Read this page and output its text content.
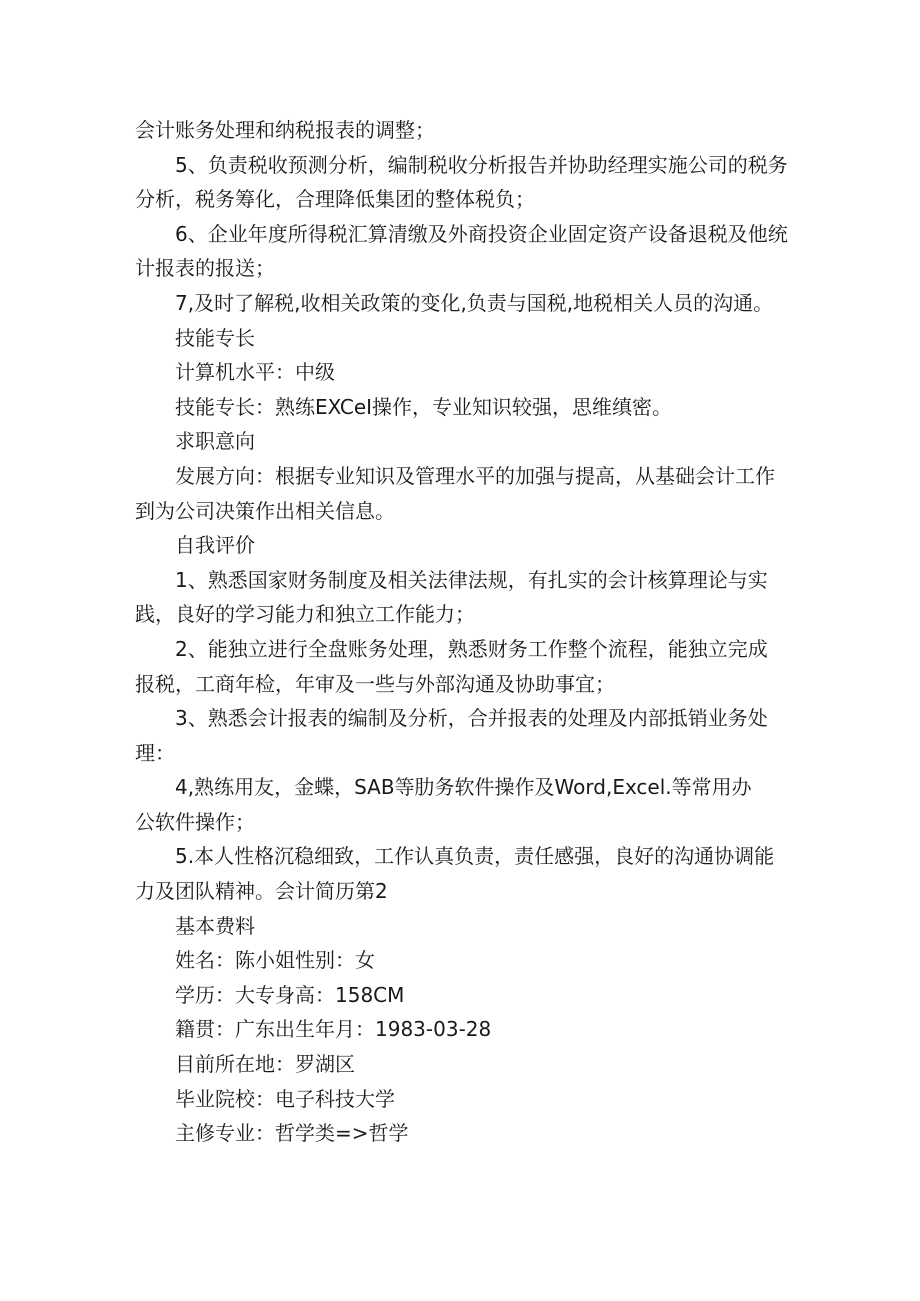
会计账务处理和纳税报表的调整；

5、负责税收预测分析，编制税收分析报告并协助经理实施公司的税务

分析，税务筹化，合理降低集团的整体税负；

6、企业年度所得税汇算清缴及外商投资企业固定资产设备退税及他统

计报表的报送；

7,及时了解税,收相关政策的变化,负责与国税,地税相关人员的沟通。

技能专长

计算机水平：中级

技能专长：熟练EXCeI操作，专业知识较强，思维缜密。

求职意向

发展方向：根据专业知识及管理水平的加强与提高，从基础会计工作

到为公司决策作出相关信息。

自我评价

1、熟悉国家财务制度及相关法律法规，有扎实的会计核算理论与实

践，良好的学习能力和独立工作能力；

2、能独立进行全盘账务处理，熟悉财务工作整个流程，能独立完成

报税，工商年检，年审及一些与外部沟通及协助事宜；

3、熟悉会计报表的编制及分析，合并报表的处理及内部抵销业务处

理：

4,熟练用友，金蝶，SAB等肋务软件操作及Word,Excel.等常用办

公软件操作；

5.本人性格沉稳细致，工作认真负责，责任感强，良好的沟通协调能

力及团队精神。会计简历第2

基本费料

姓名：陈小姐性别：女

学历：大专身高：158CM

籍贯：广东出生年月：1983-03-28

目前所在地：罗湖区

毕业院校：电子科技大学

主修专业：哲学类=>哲学
